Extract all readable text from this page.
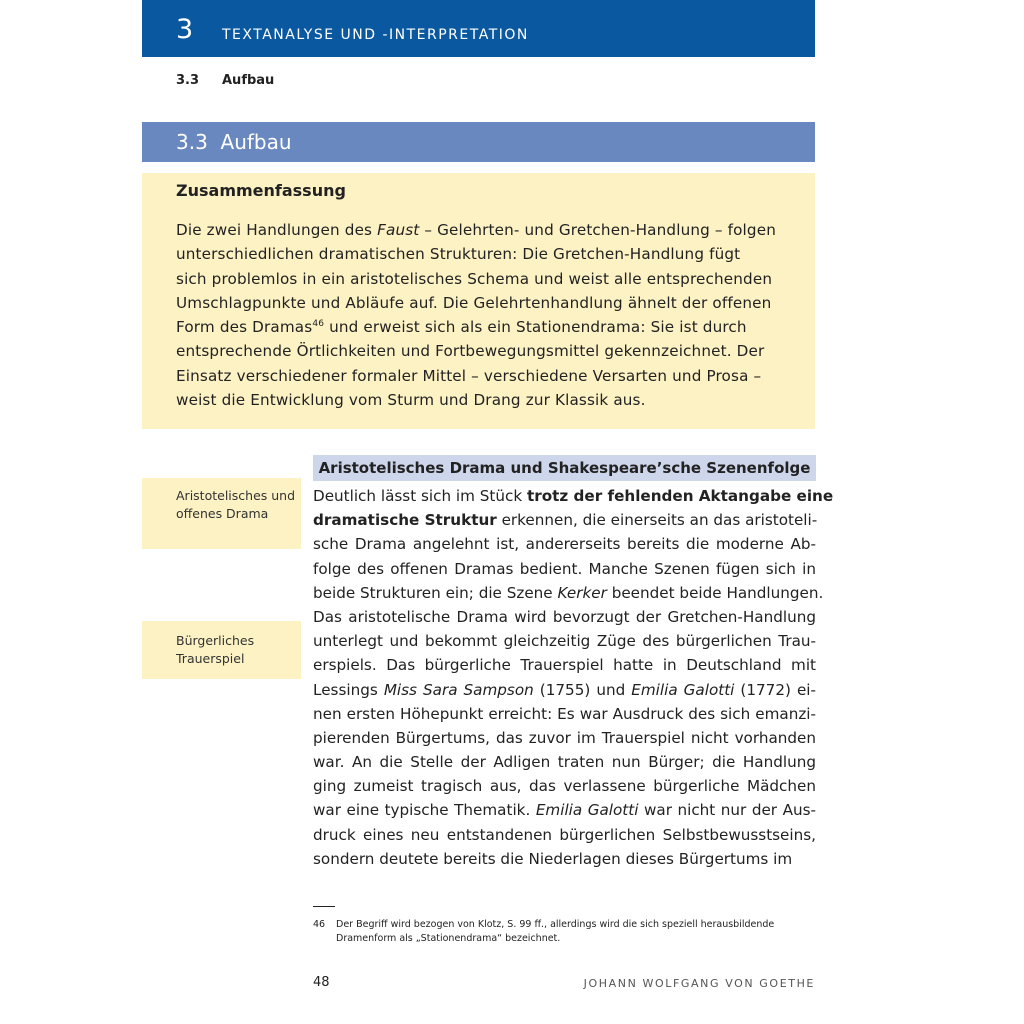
3 TEXTANALYSE UND -INTERPRETATION
3.3 Aufbau
3.3  Aufbau
Zusammenfassung
Die zwei Handlungen des Faust – Gelehrten- und Gretchen-Handlung – folgen
unterschiedlichen dramatischen Strukturen: Die Gretchen-Handlung fügt
sich problemlos in ein aristotelisches Schema und weist alle entsprechenden
Umschlagpunkte und Abläufe auf. Die Gelehrtenhandlung ähnelt der offenen
Form des Dramas$^{46}$ und erweist sich als ein Stationendrama: Sie ist durch
entsprechende Örtlichkeiten und Fortbewegungsmittel gekennzeichnet. Der
Einsatz verschiedener formaler Mittel – verschiedene Versarten und Prosa –
weist die Entwicklung vom Sturm und Drang zur Klassik aus.
Aristotelisches und offenes Drama
Bürgerliches Trauerspiel
Aristotelisches Drama und Shakespeare’sche Szenenfolge
Deutlich lässt sich im Stück trotz der fehlenden Aktangabe eine
dramatische Struktur erkennen, die einerseits an das aristoteli-
sche Drama angelehnt ist, andererseits bereits die moderne Ab-
folge des offenen Dramas bedient. Manche Szenen fügen sich in
beide Strukturen ein; die Szene Kerker beendet beide Handlungen.
Das aristotelische Drama wird bevorzugt der Gretchen-Handlung
unterlegt und bekommt gleichzeitig Züge des bürgerlichen Trau-
erspiels. Das bürgerliche Trauerspiel hatte in Deutschland mit
Lessings Miss Sara Sampson (1755) und Emilia Galotti (1772) ei-
nen ersten Höhepunkt erreicht: Es war Ausdruck des sich emanzi-
pierenden Bürgertums, das zuvor im Trauerspiel nicht vorhanden
war. An die Stelle der Adligen traten nun Bürger; die Handlung
ging zumeist tragisch aus, das verlassene bürgerliche Mädchen
war eine typische Thematik. Emilia Galotti war nicht nur der Aus-
druck eines neu entstandenen bürgerlichen Selbstbewusstseins,
sondern deutete bereits die Niederlagen dieses Bürgertums im
46 Der Begriff wird bezogen von Klotz, S. 99 ff., allerdings wird die sich speziell herausbildende Dramenform als „Stationendrama“ bezeichnet.
48	JOHANN WOLFGANG VON GOETHE
